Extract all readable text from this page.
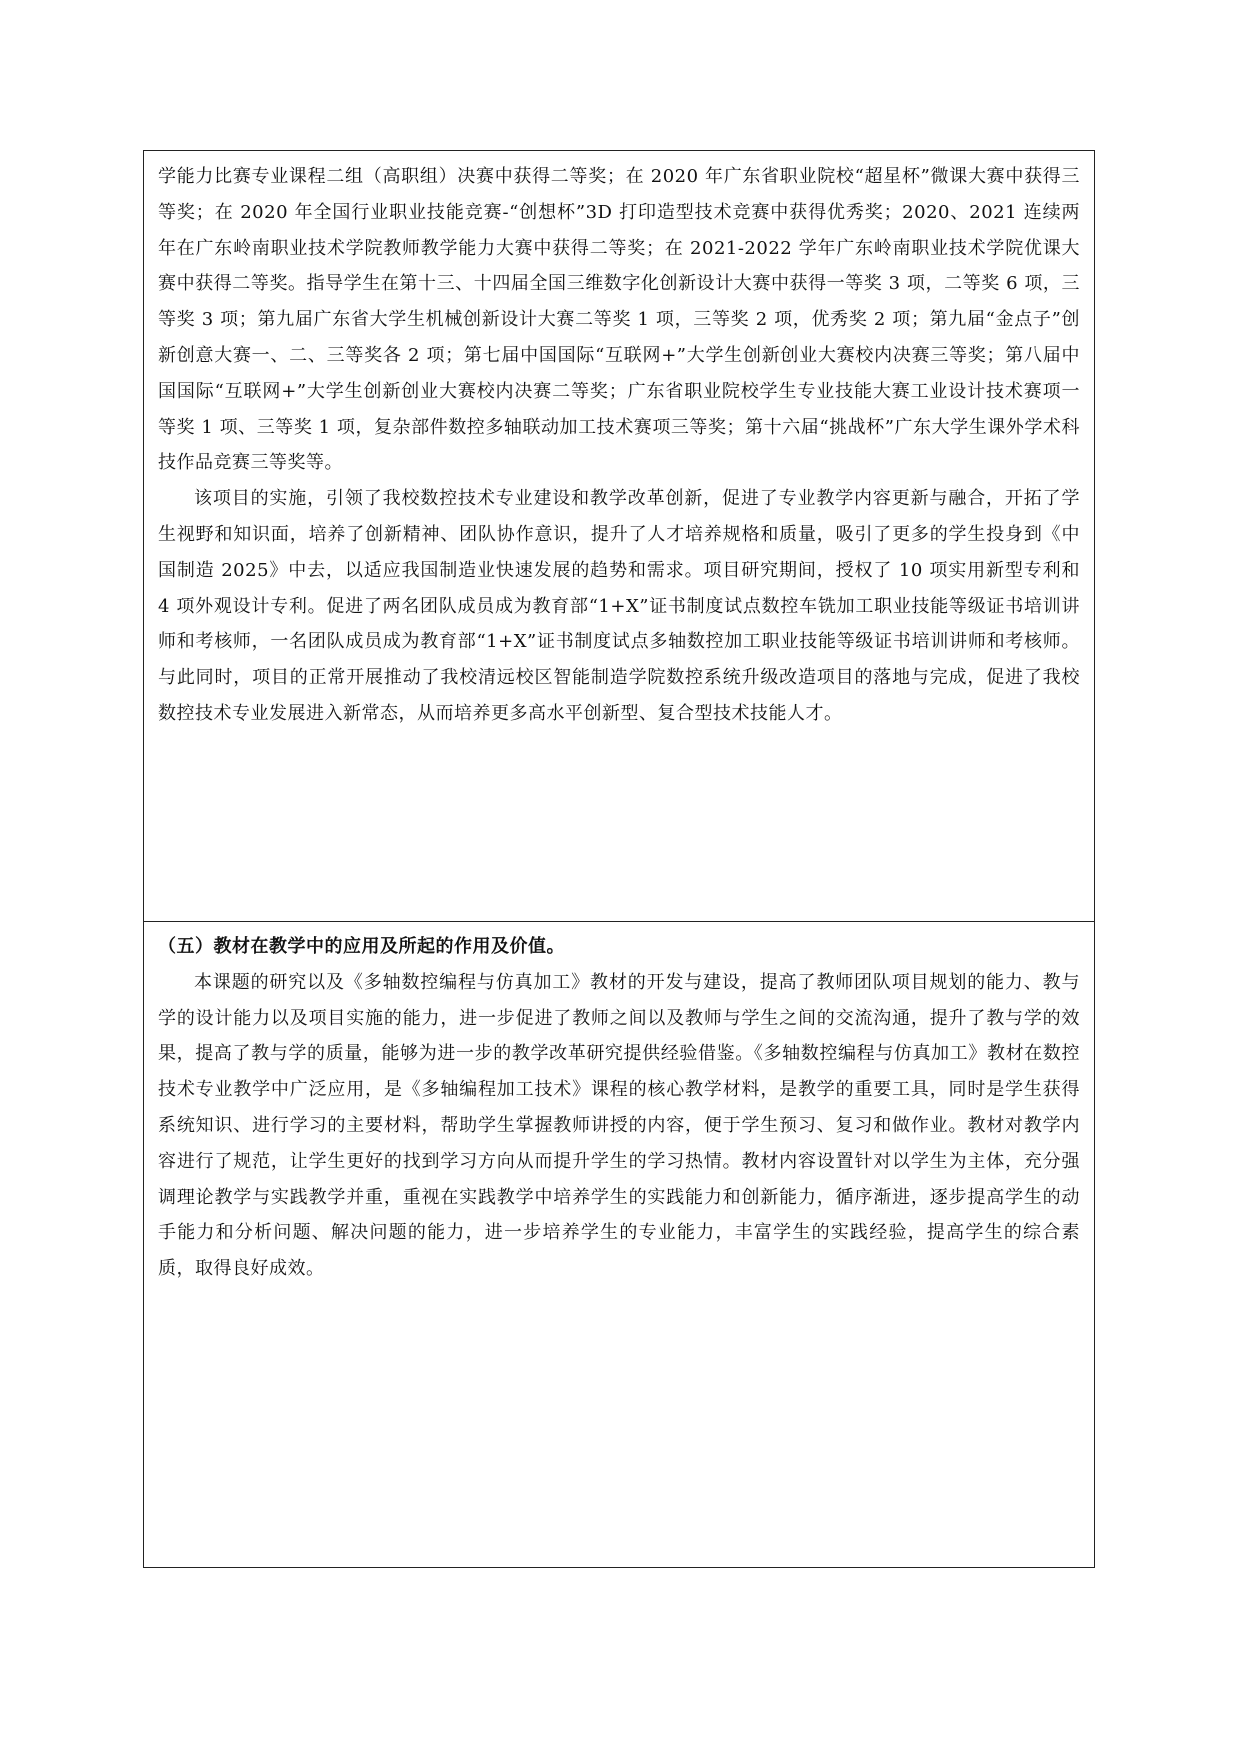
学能力比赛专业课程二组（高职组）决赛中获得二等奖；在 2020 年广东省职业院校“超星杯”微课大赛中获得三等奖；在 2020 年全国行业职业技能竞赛-“创想杯”3D 打印造型技术竞赛中获得优秀奖；2020、2021 连续两年在广东岭南职业技术学院教师教学能力大赛中获得二等奖；在 2021-2022 学年广东岭南职业技术学院优课大赛中获得二等奖。指导学生在第十三、十四届全国三维数字化创新设计大赛中获得一等奖 3 项，二等奖 6 项，三等奖 3 项；第九届广东省大学生机械创新设计大赛二等奖 1 项，三等奖 2 项，优秀奖 2 项；第九届“金点子”创新创意大赛一、二、三等奖各 2 项；第七届中国国际“互联网+”大学生创新创业大赛校内决赛三等奖；第八届中国国际“互联网+”大学生创新创业大赛校内决赛二等奖；广东省职业院校学生专业技能大赛工业设计技术赛项一等奖 1 项、三等奖 1 项，复杂部件数控多轴联动加工技术赛项三等奖；第十六届“挑战杯”广东大学生课外学术科技作品竞赛三等奖等。

该项目的实施，引领了我校数控技术专业建设和教学改革创新，促进了专业教学内容更新与融合，开拓了学生视野和知识面，培养了创新精神、团队协作意识，提升了人才培养规格和质量，吸引了更多的学生投身到《中国制造 2025》中去，以适应我国制造业快速发展的趋势和需求。项目研究期间，授权了 10 项实用新型专利和 4 项外观设计专利。促进了两名团队成员成为教育部“1+X”证书制度试点数控车铣加工职业技能等级证书培训讲师和考核师，一名团队成员成为教育部“1+X”证书制度试点多轴数控加工职业技能等级证书培训讲师和考核师。与此同时，项目的正常开展推动了我校清远校区智能制造学院数控系统升级改造项目的落地与完成，促进了我校数控技术专业发展进入新常态，从而培养更多高水平创新型、复合型技术技能人才。

（五）教材在教学中的应用及所起的作用及价值。

本课题的研究以及《多轴数控编程与仿真加工》教材的开发与建设，提高了教师团队项目规划的能力、教与学的设计能力以及项目实施的能力，进一步促进了教师之间以及教师与学生之间的交流沟通，提升了教与学的效果，提高了教与学的质量，能够为进一步的教学改革研究提供经验借鉴。《多轴数控编程与仿真加工》教材在数控技术专业教学中广泛应用，是《多轴编程加工技术》课程的核心教学材料，是教学的重要工具，同时是学生获得系统知识、进行学习的主要材料，帮助学生掌握教师讲授的内容，便于学生预习、复习和做作业。教材对教学内容进行了规范，让学生更好的找到学习方向从而提升学生的学习热情。教材内容设置针对以学生为主体，充分强调理论教学与实践教学并重，重视在实践教学中培养学生的实践能力和创新能力，循序渐进，逐步提高学生的动手能力和分析问题、解决问题的能力，进一步培养学生的专业能力，丰富学生的实践经验，提高学生的综合素质，取得良好成效。
